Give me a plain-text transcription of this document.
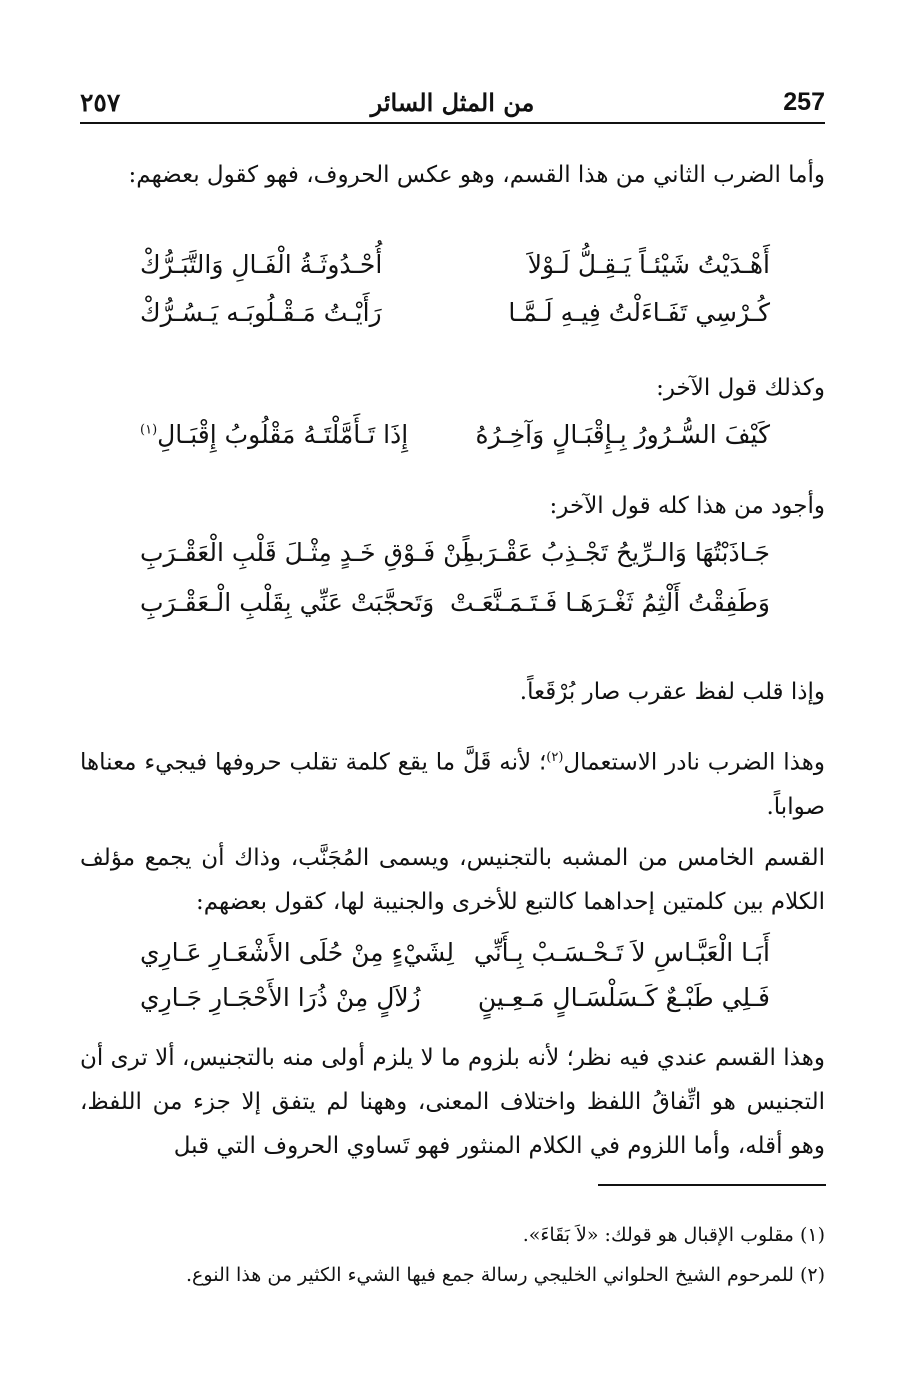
257
من المثل السائر
٢٥٧
وأما الضرب الثاني من هذا القسم، وهو عكس الحروف، فهو كقول بعضهم:
أَهْـدَيْتُ شَيْئـاً يَـقِـلُّ لَـوْلاَ
أُحْـدُوثَـةُ الْفَـالِ وَالتَّبَـرُّكْ
كُـرْسِي تَفَـاءَلْتُ فِيـهِ لَـمَّـا
رَأَيْـتُ مَـقْـلُوبَـه يَـسُـرُّكْ
وكذلك قول الآخر:
كَيْفَ السُّـرُورُ بِـإِقْبَـالٍ وَآخِـرُهُ
إِذَا تَـأَمَّلْتَـهُ مَقْلُوبُ إِقْبَـالِ$^{(١)}$
وأجود من هذا كله قول الآخر:
جَـاذَبْتُهَا وَالـرِّيحُ تَجْـذِبُ عَقْـرَبـاً
مِنْ فَـوْقِ خَـدٍ مِثْـلَ قَلْبِ الْعَقْـرَبِ
وَطَفِقْتُ أَلْثِمُ ثَغْـرَهَـا فَـتَـمَـنَّعَـتْ
وَتَحجَّبَتْ عَنِّي بِقَلْبِ الْـعَقْـرَبِ
وإذا قلب لفظ عقرب صار بُرْقَعاً.
وهذا الضرب نادر الاستعمال$^{(٢)}$؛ لأنه قَلَّ ما يقع كلمة تقلب حروفها فيجيء معناها صواباً.
القسم الخامس من المشبه بالتجنيس، ويسمى المُجَنَّب، وذاك أن يجمع مؤلف الكلام بين كلمتين إحداهما كالتبع للأخرى والجنيبة لها، كقول بعضهم:
أَبَـا الْعَبَّـاسِ لاَ تَـحْـسَـبْ بِـأَنِّي
لِشَيْءٍ مِنْ حُلَى الأَشْعَـارِ عَـارِي
فَـلِي طَبْـعٌ كَـسَلْسَـالٍ مَـعِـينٍ
زُلاَلٍ مِنْ ذُرَا الأَحْجَـارِ جَـارِي
وهذا القسم عندي فيه نظر؛ لأنه بلزوم ما لا يلزم أولى منه بالتجنيس، ألا ترى أن التجنيس هو اتِّفاقُ اللفظ واختلاف المعنى، وههنا لم يتفق إلا جزء من اللفظ، وهو أقله، وأما اللزوم في الكلام المنثور فهو تَساوي الحروف التي قبل
(١) مقلوب الإقبال هو قولك: «لاَ بَقَاءَ».
(٢) للمرحوم الشيخ الحلواني الخليجي رسالة جمع فيها الشيء الكثير من هذا النوع.
